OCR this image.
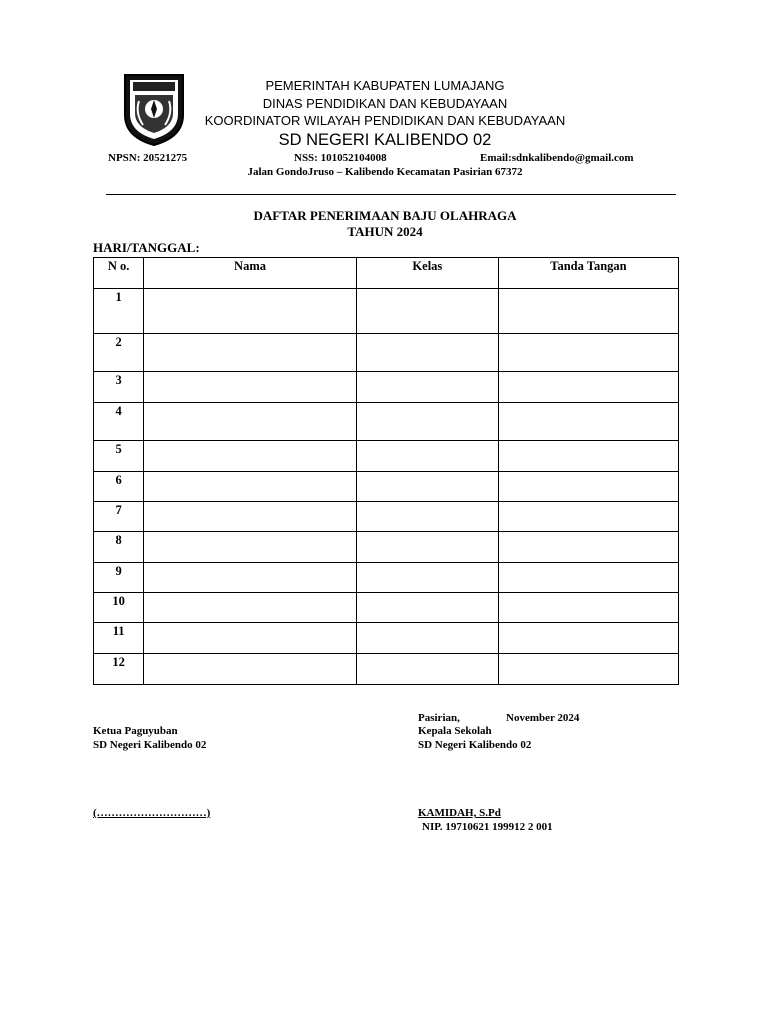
PEMERINTAH KABUPATEN LUMAJANG
DINAS PENDIDIKAN DAN KEBUDAYAAN
KOORDINATOR WILAYAH PENDIDIKAN DAN KEBUDAYAAN
SD NEGERI KALIBENDO 02
NPSN: 20521275	NSS: 101052104008	Email:sdnkalibendo@gmail.com
Jalan GondoJruso – Kalibendo Kecamatan Pasirian 67372
DAFTAR PENERIMAAN BAJU OLAHRAGA
TAHUN 2024
HARI/TANGGAL:
N o.	Nama	Kelas	Tanda Tangan
1			
2			
3			
4			
5			
6			
7			
8			
9			
10			
11			
12			
Ketua Paguyuban
SD Negeri Kalibendo 02
(…………………………)
Pasirian,	November 2024
Kepala Sekolah
SD Negeri Kalibendo 02
KAMIDAH, S.Pd
NIP. 19710621 199912 2 001
